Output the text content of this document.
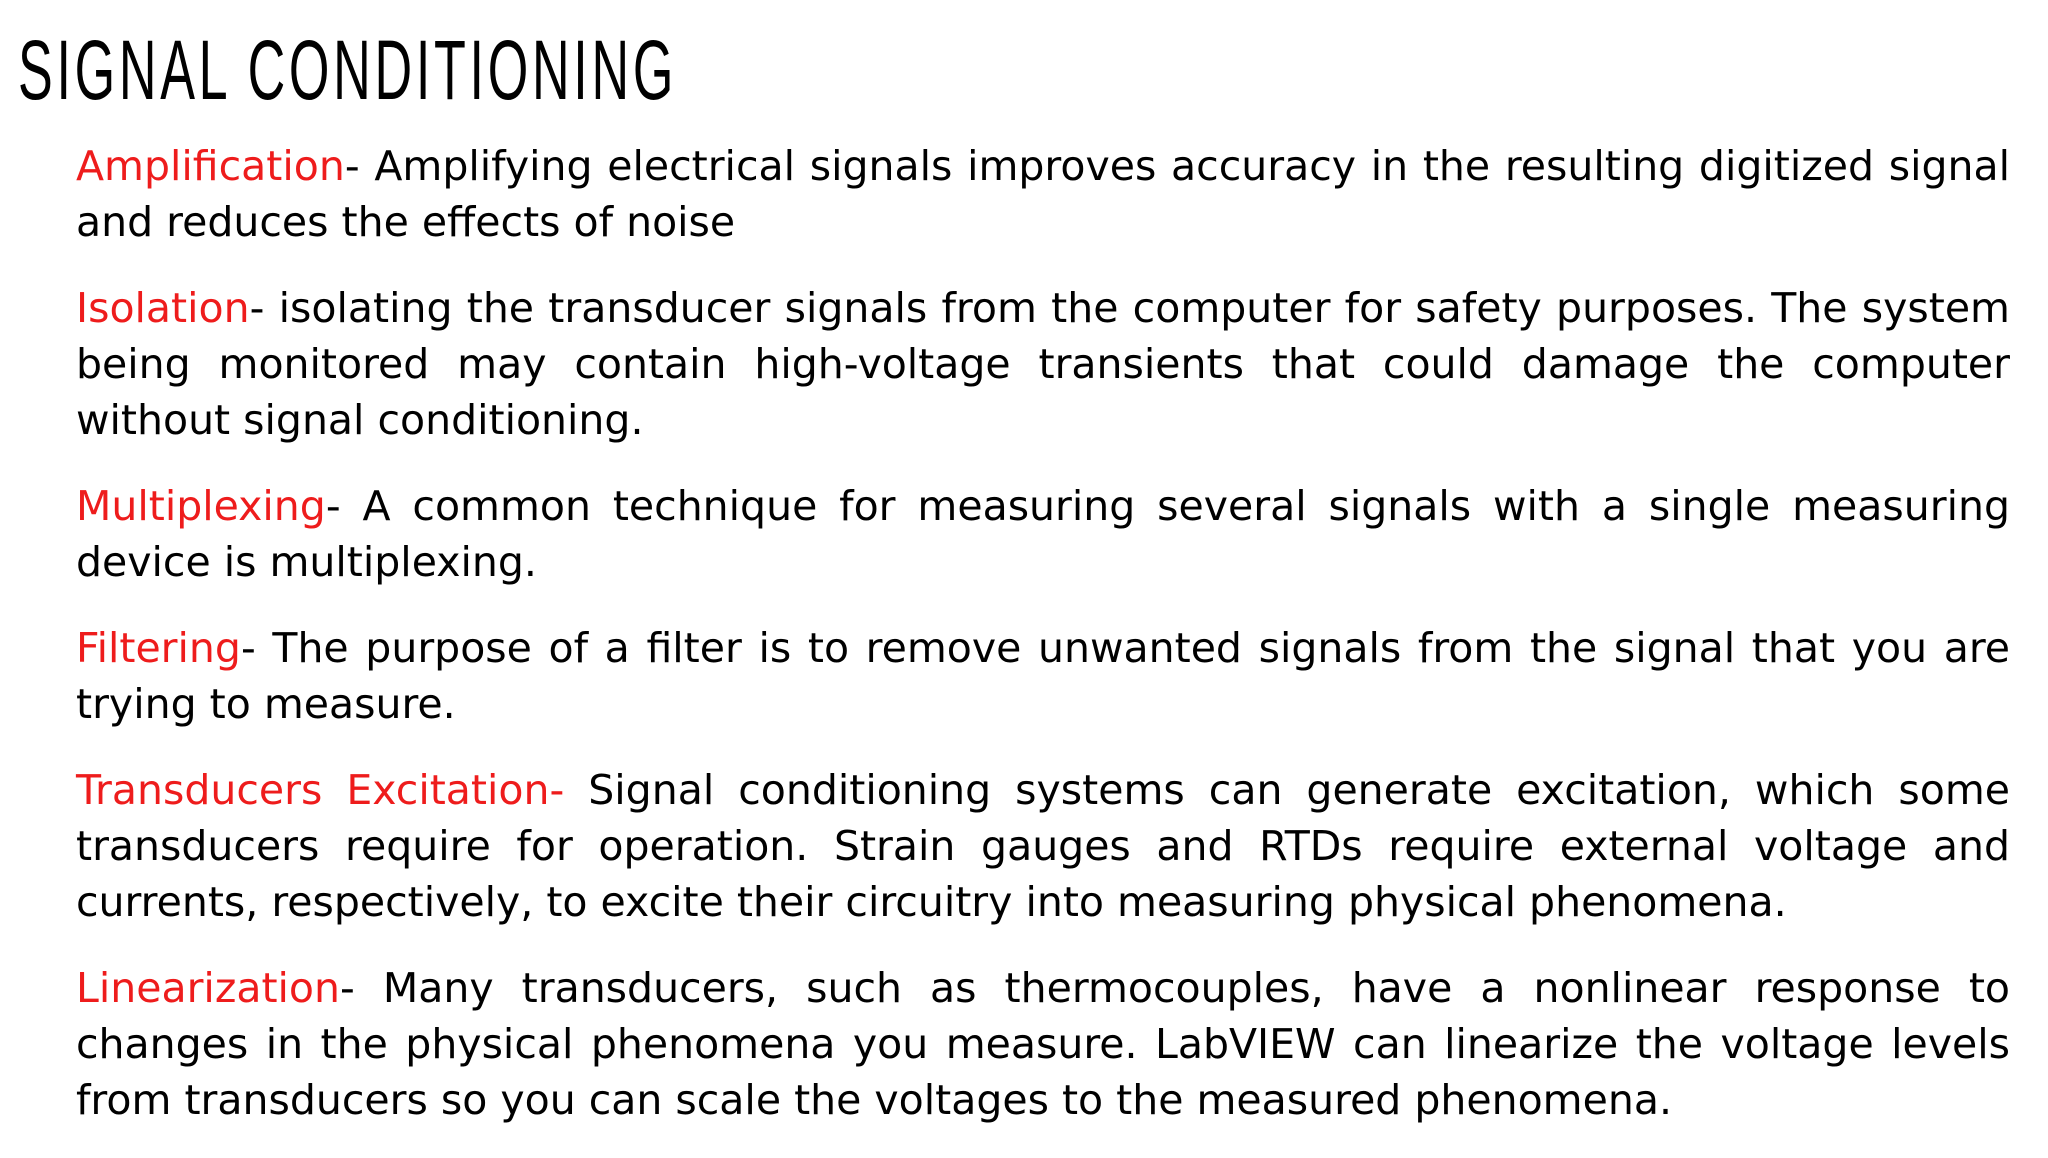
SIGNAL CONDITIONING

Amplification- Amplifying electrical signals improves accuracy in the resulting digitized signal and reduces the effects of noise

Isolation- isolating the transducer signals from the computer for safety purposes. The system being monitored may contain high-voltage transients that could damage the computer without signal conditioning.

Multiplexing- A common technique for measuring several signals with a single measuring device is multiplexing.

Filtering- The purpose of a filter is to remove unwanted signals from the signal that you are trying to measure.

Transducers Excitation- Signal conditioning systems can generate excitation, which some transducers require for operation. Strain gauges and RTDs require external voltage and currents, respectively, to excite their circuitry into measuring physical phenomena.

Linearization- Many transducers, such as thermocouples, have a nonlinear response to changes in the physical phenomena you measure. LabVIEW can linearize the voltage levels from transducers so you can scale the voltages to the measured phenomena.
